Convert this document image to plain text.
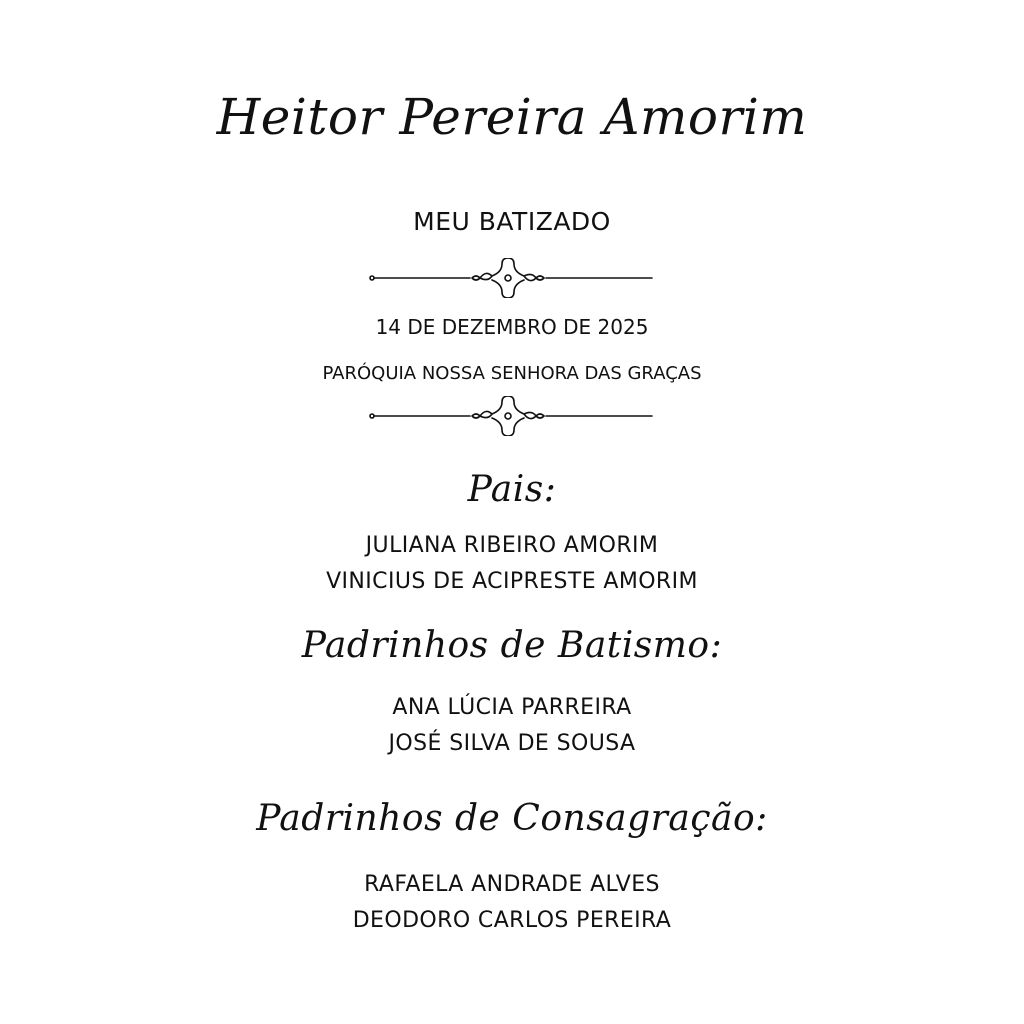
Heitor Pereira Amorim
MEU BATIZADO
14 DE DEZEMBRO DE 2025
PARÓQUIA NOSSA SENHORA DAS GRAÇAS
Pais:
JULIANA RIBEIRO AMORIM
VINICIUS DE ACIPRESTE AMORIM
Padrinhos de Batismo:
ANA LÚCIA PARREIRA
JOSÉ SILVA DE SOUSA
Padrinhos de Consagração:
RAFAELA ANDRADE ALVES
DEODORO CARLOS PEREIRA
